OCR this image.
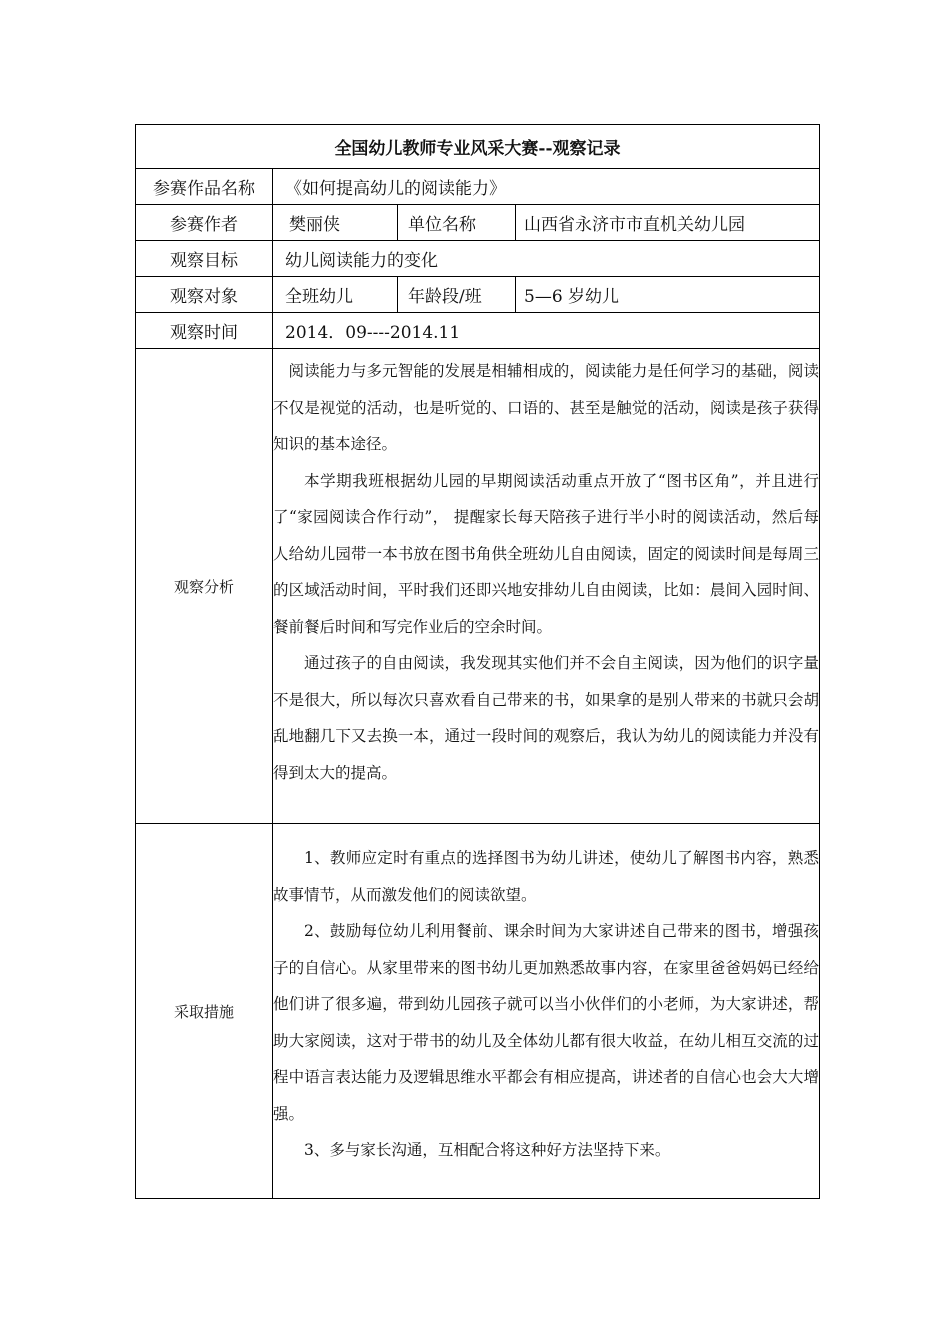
全国幼儿教师专业风采大赛--观察记录			
参赛作品名称	《如何提高幼儿的阅读能力》		
参赛作者	樊丽侠	单位名称	山西省永济市市直机关幼儿园
观察目标	幼儿阅读能力的变化		
观察对象	全班幼儿	年龄段/班	5—6 岁幼儿
观察时间	2014．09----2014.11		
观察分析	阅读能力与多元智能的发展是相辅相成的，阅读能力是任何学习的基础，阅读不仅是视觉的活动，也是听觉的、口语的、甚至是触觉的活动，阅读是孩子获得知识的基本途径。

本学期我班根据幼儿园的早期阅读活动重点开放了“图书区角”，并且进行了“家园阅读合作行动”， 提醒家长每天陪孩子进行半小时的阅读活动，然后每人给幼儿园带一本书放在图书角供全班幼儿自由阅读，固定的阅读时间是每周三的区域活动时间，平时我们还即兴地安排幼儿自由阅读，比如：晨间入园时间、餐前餐后时间和写完作业后的空余时间。

通过孩子的自由阅读，我发现其实他们并不会自主阅读，因为他们的识字量不是很大，所以每次只喜欢看自己带来的书，如果拿的是别人带来的书就只会胡乱地翻几下又去换一本，通过一段时间的观察后，我认为幼儿的阅读能力并没有得到太大的提高。		

采取措施	1、教师应定时有重点的选择图书为幼儿讲述，使幼儿了解图书内容，熟悉故事情节，从而激发他们的阅读欲望。

2、鼓励每位幼儿利用餐前、课余时间为大家讲述自己带来的图书，增强孩子的自信心。从家里带来的图书幼儿更加熟悉故事内容，在家里爸爸妈妈已经给他们讲了很多遍，带到幼儿园孩子就可以当小伙伴们的小老师，为大家讲述，帮助大家阅读，这对于带书的幼儿及全体幼儿都有很大收益，在幼儿相互交流的过程中语言表达能力及逻辑思维水平都会有相应提高，讲述者的自信心也会大大增强。

3、多与家长沟通，互相配合将这种好方法坚持下来。		
